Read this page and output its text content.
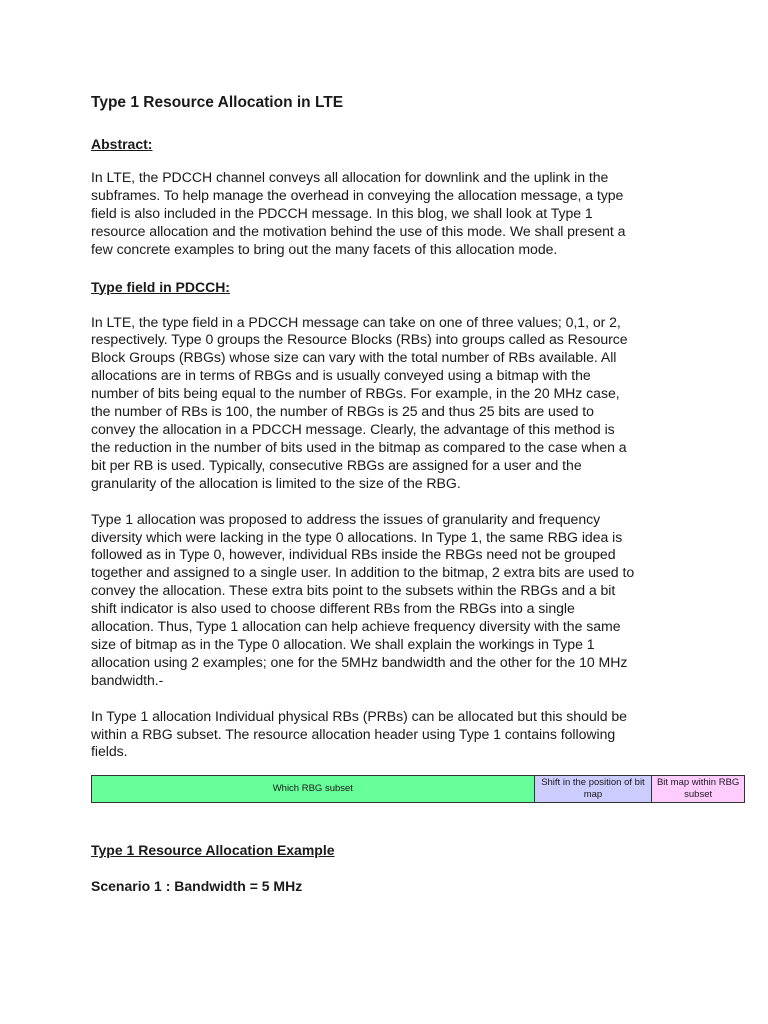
Type 1 Resource Allocation in LTE
Abstract:
In LTE, the PDCCH channel conveys all allocation for downlink and the uplink in the
subframes. To help manage the overhead in conveying the allocation message, a type
field is also included in the PDCCH message. In this blog, we shall look at Type 1
resource allocation and the motivation behind the use of this mode. We shall present a
few concrete examples to bring out the many facets of this allocation mode.
Type field in PDCCH:
In LTE, the type field in a PDCCH message can take on one of three values; 0,1, or 2,
respectively. Type 0 groups the Resource Blocks (RBs) into groups called as Resource
Block Groups (RBGs) whose size can vary with the total number of RBs available. All
allocations are in terms of RBGs and is usually conveyed using a bitmap with the
number of bits being equal to the number of RBGs. For example, in the 20 MHz case,
the number of RBs is 100, the number of RBGs is 25 and thus 25 bits are used to
convey the allocation in a PDCCH message. Clearly, the advantage of this method is
the reduction in the number of bits used in the bitmap as compared to the case when a
bit per RB is used. Typically, consecutive RBGs are assigned for a user and the
granularity of the allocation is limited to the size of the RBG.
Type 1 allocation was proposed to address the issues of granularity and frequency
diversity which were lacking in the type 0 allocations. In Type 1, the same RBG idea is
followed as in Type 0, however, individual RBs inside the RBGs need not be grouped
together and assigned to a single user. In addition to the bitmap, 2 extra bits are used to
convey the allocation. These extra bits point to the subsets within the RBGs and a bit
shift indicator is also used to choose different RBs from the RBGs into a single
allocation. Thus, Type 1 allocation can help achieve frequency diversity with the same
size of bitmap as in the Type 0 allocation. We shall explain the workings in Type 1
allocation using 2 examples; one for the 5MHz bandwidth and the other for the 10 MHz
bandwidth.-
In Type 1 allocation Individual physical RBs (PRBs) can be allocated but this should be
within a RBG subset. The resource allocation header using Type 1 contains following
fields.
Which RBG subset
Shift in the position of bit
map
Bit map within RBG
subset
Type 1 Resource Allocation Example
Scenario 1 : Bandwidth = 5 MHz
